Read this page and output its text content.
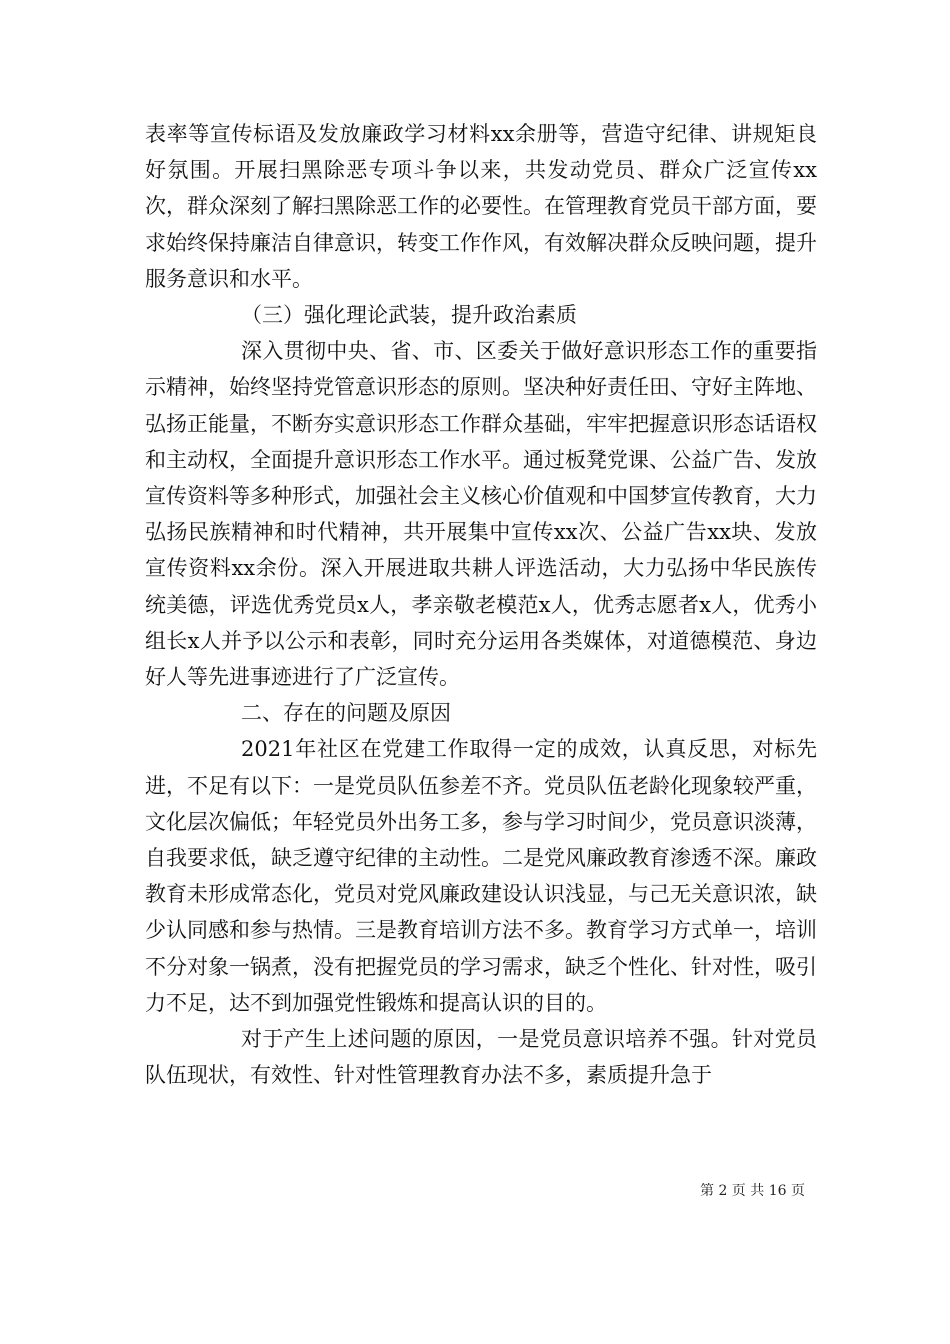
表率等宣传标语及发放廉政学习材料xx余册等，营造守纪律、讲规矩良好氛围。开展扫黑除恶专项斗争以来，共发动党员、群众广泛宣传xx次，群众深刻了解扫黑除恶工作的必要性。在管理教育党员干部方面，要求始终保持廉洁自律意识，转变工作作风，有效解决群众反映问题，提升服务意识和水平。

（三）强化理论武装，提升政治素质

深入贯彻中央、省、市、区委关于做好意识形态工作的重要指示精神，始终坚持党管意识形态的原则。坚决种好责任田、守好主阵地、弘扬正能量，不断夯实意识形态工作群众基础，牢牢把握意识形态话语权和主动权，全面提升意识形态工作水平。通过板凳党课、公益广告、发放宣传资料等多种形式，加强社会主义核心价值观和中国梦宣传教育，大力弘扬民族精神和时代精神，共开展集中宣传xx次、公益广告xx块、发放宣传资料xx余份。深入开展进取共耕人评选活动，大力弘扬中华民族传统美德，评选优秀党员x人，孝亲敬老模范x人，优秀志愿者x人，优秀小组长x人并予以公示和表彰，同时充分运用各类媒体，对道德模范、身边好人等先进事迹进行了广泛宣传。

二、存在的问题及原因

2021年社区在党建工作取得一定的成效，认真反思，对标先进，不足有以下：一是党员队伍参差不齐。党员队伍老龄化现象较严重，文化层次偏低；年轻党员外出务工多，参与学习时间少，党员意识淡薄，自我要求低，缺乏遵守纪律的主动性。二是党风廉政教育渗透不深。廉政教育未形成常态化，党员对党风廉政建设认识浅显，与己无关意识浓，缺少认同感和参与热情。三是教育培训方法不多。教育学习方式单一，培训不分对象一锅煮，没有把握党员的学习需求，缺乏个性化、针对性，吸引力不足，达不到加强党性锻炼和提高认识的目的。

对于产生上述问题的原因，一是党员意识培养不强。针对党员队伍现状，有效性、针对性管理教育办法不多，素质提升急于

第 2 页 共 16 页
